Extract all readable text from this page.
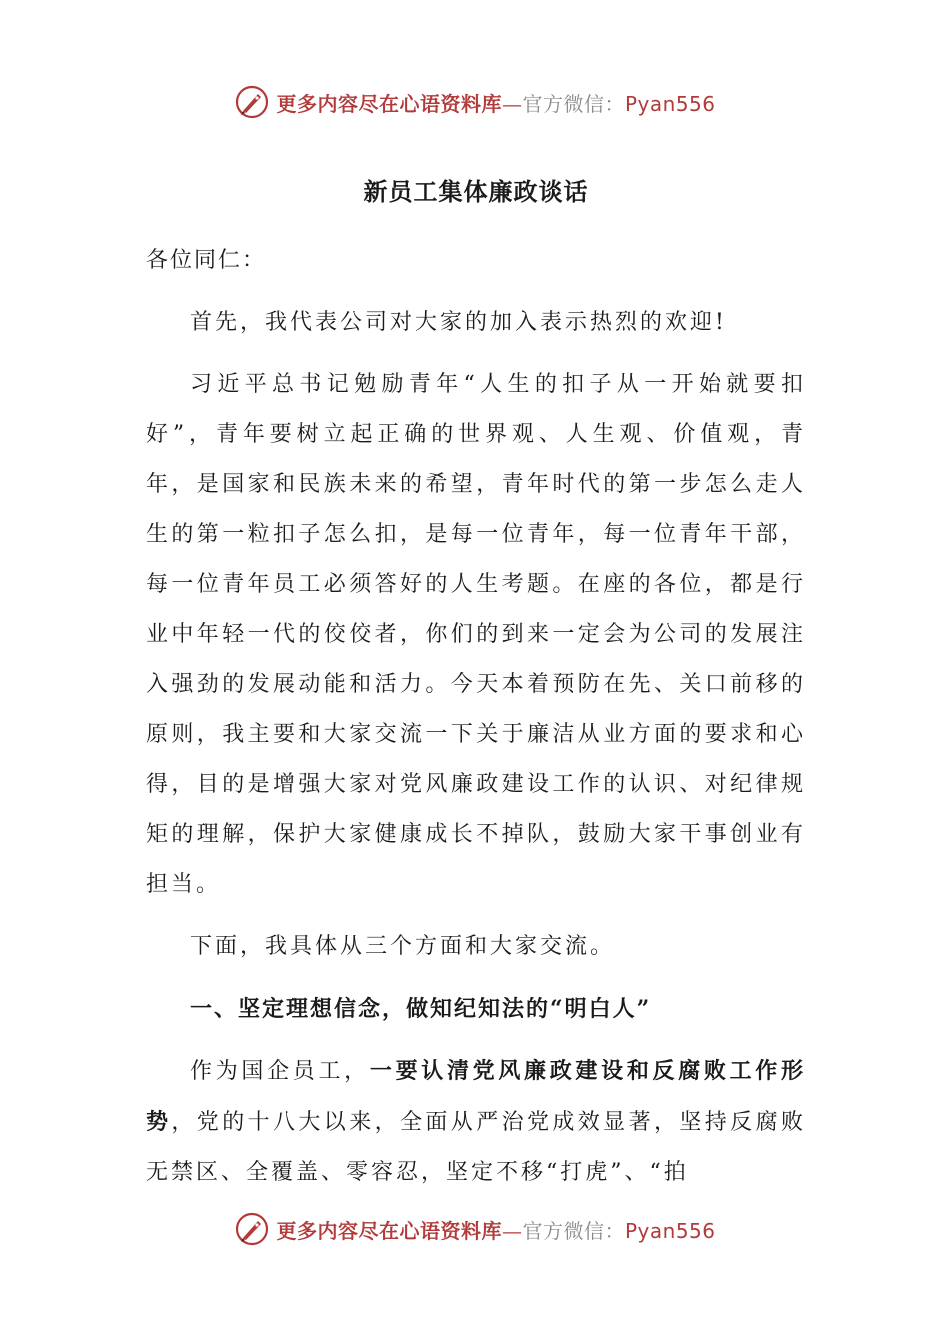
更多内容尽在心语资料库—官方微信：Pyan556
新员工集体廉政谈话
各位同仁：

首先，我代表公司对大家的加入表示热烈的欢迎!

习近平总书记勉励青年“人生的扣子从一开始就要扣好”，青年要树立起正确的世界观、人生观、价值观，青年，是国家和民族未来的希望，青年时代的第一步怎么走人生的第一粒扣子怎么扣，是每一位青年，每一位青年干部，每一位青年员工必须答好的人生考题。在座的各位，都是行业中年轻一代的佼佼者，你们的到来一定会为公司的发展注入强劲的发展动能和活力。今天本着预防在先、关口前移的原则，我主要和大家交流一下关于廉洁从业方面的要求和心得，目的是增强大家对党风廉政建设工作的认识、对纪律规矩的理解，保护大家健康成长不掉队，鼓励大家干事创业有担当。

下面，我具体从三个方面和大家交流。

一、坚定理想信念，做知纪知法的“明白人”

作为国企员工，一要认清党风廉政建设和反腐败工作形势，党的十八大以来，全面从严治党成效显著，坚持反腐败无禁区、全覆盖、零容忍，坚定不移“打虎”、“拍

更多内容尽在心语资料库—官方微信：Pyan556
